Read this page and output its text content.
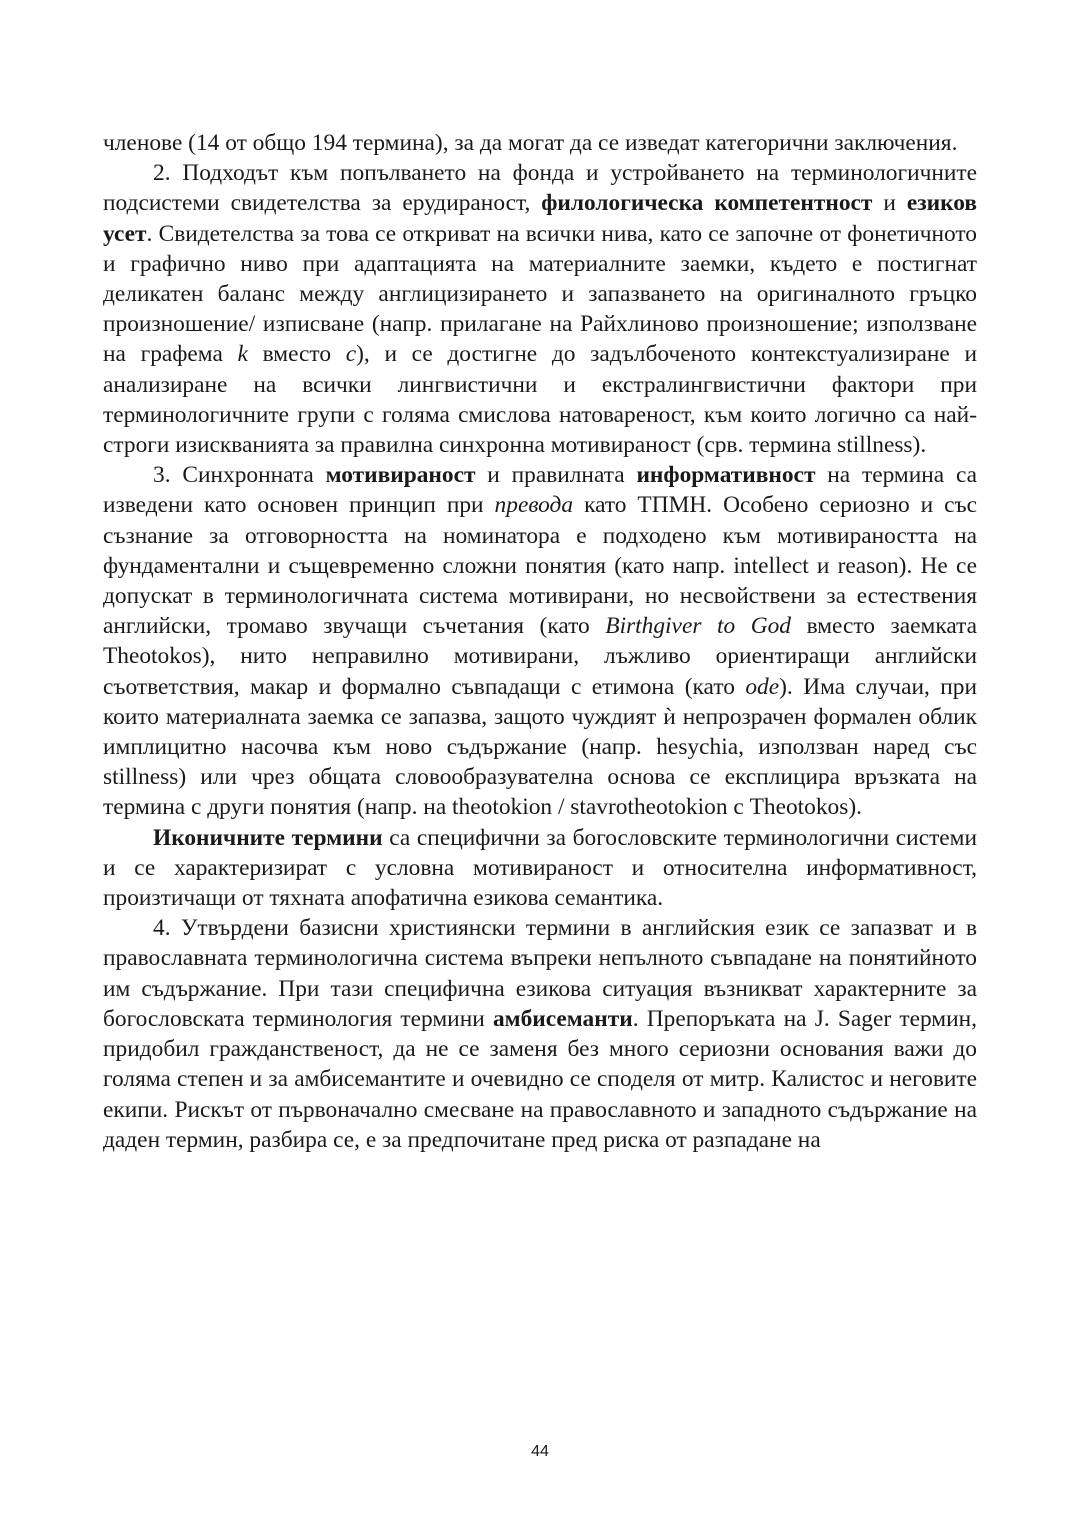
членове (14 от общо 194 термина), за да могат да се изведат категорични заключения.

2. Подходът към попълването на фонда и устройването на терминологичните подсистеми свидетелства за ерудираност, филологическа компетентност и езиков усет. Свидетелства за това се откриват на всички нива, като се започне от фонетичното и графично ниво при адаптацията на материалните заемки, където е постигнат деликатен баланс между англицизирането и запазването на оригиналното гръцко произношение/ изписване (напр. прилагане на Райхлиново произношение; използване на графема k вместо c), и се достигне до задълбоченото контекстуализиране и анализиране на всички лингвистични и екстралингвистични фактори при терминологичните групи с голяма смислова натовареност, към които логично са най-строги изискванията за правилна синхронна мотивираност (срв. термина stillness).

3. Синхронната мотивираност и правилната информативност на термина са изведени като основен принцип при превода като ТПМН. Особено сериозно и със съзнание за отговорността на номинатора е подходено към мотивираността на фундаментални и същевременно сложни понятия (като напр. intellect и reason). Не се допускат в терминологичната система мотивирани, но несвойствени за естествения английски, тромаво звучащи съчетания (като Birthgiver to God вместо заемката Theotokos), нито неправилно мотивирани, лъжливо ориентиращи английски съответствия, макар и формално съвпадащи с етимона (като ode). Има случаи, при които материалната заемка се запазва, защото чуждият ѝ непрозрачен формален облик имплицитно насочва към ново съдържание (напр. hesychia, използван наред със stillness) или чрез общата словообразувателна основа се експлицира връзката на термина с други понятия (напр. на theotokion / stavrotheotokion с Theotokos).

Иконичните термини са специфични за богословските терминологични системи и се характеризират с условна мотивираност и относителна информативност, произтичащи от тяхната апофатична езикова семантика.

4. Утвърдени базисни християнски термини в английския език се запазват и в православната терминологична система въпреки непълното съвпадане на понятийното им съдържание. При тази специфична езикова ситуация възникват характерните за богословската терминология термини амбисеманти. Препоръката на J. Sager термин, придобил гражданственост, да не се заменя без много сериозни основания важи до голяма степен и за амбисемантите и очевидно се споделя от митр. Калистос и неговите екипи. Рискът от първоначално смесване на православното и западното съдържание на даден термин, разбира се, е за предпочитане пред риска от разпадане на

44
